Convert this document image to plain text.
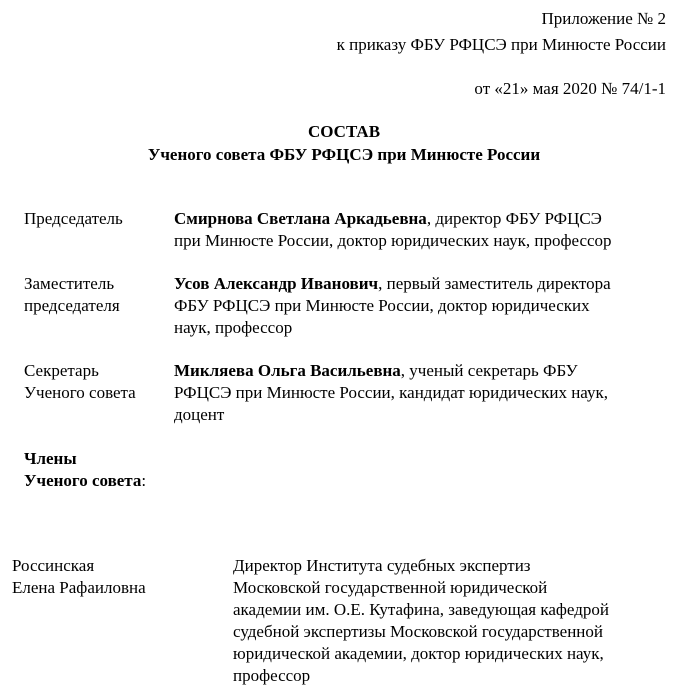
Приложение № 2
к приказу ФБУ РФЦСЭ при Минюсте России
от «21» мая 2020 № 74/1-1
СОСТАВ
Ученого совета ФБУ РФЦСЭ при Минюсте России
Председатель	Смирнова Светлана Аркадьевна, директор ФБУ РФЦСЭ
при Минюсте России, доктор юридических наук, профессор
Заместитель
председателя
Усов Александр Иванович, первый заместитель директора
ФБУ РФЦСЭ при Минюсте России, доктор юридических
наук, профессор
Секретарь
Ученого совета
Микляева Ольга Васильевна, ученый секретарь ФБУ
РФЦСЭ при Минюсте России, кандидат юридических наук,
доцент
Члены
Ученого совета:
Россинская
Елена Рафаиловна
Директор Института судебных экспертиз
Московской государственной юридической
академии им. О.Е. Кутафина, заведующая кафедрой
судебной экспертизы Московской государственной
юридической академии, доктор юридических наук,
профессор
